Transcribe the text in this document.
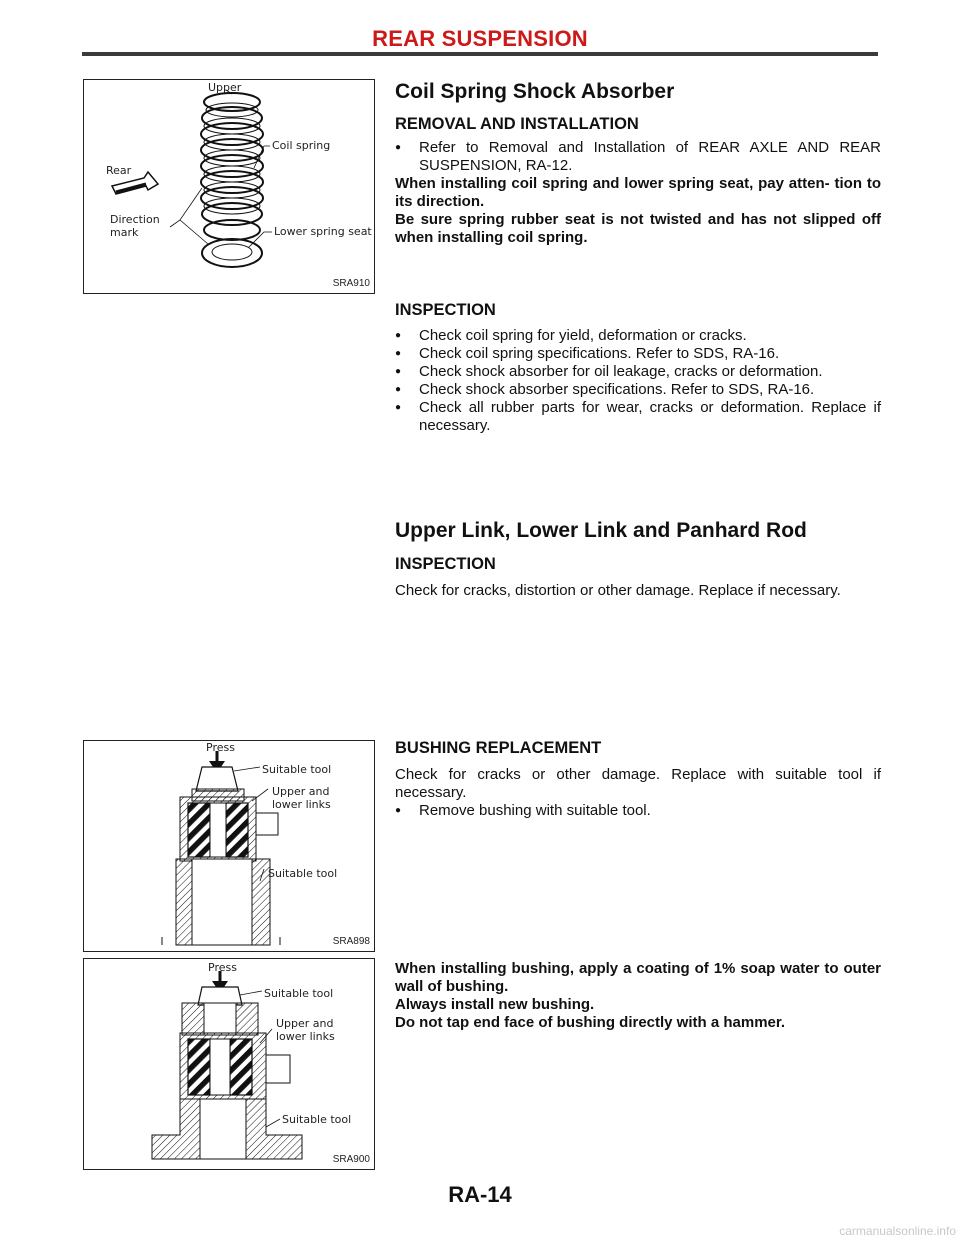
REAR SUSPENSION
Upper
Coil spring
Rear
Direction
mark	Lower spring seat
SRA910

Coil Spring Shock Absorber

REMOVAL AND INSTALLATION

● Refer to Removal and Installation of REAR AXLE AND REAR SUSPENSION, RA-12.

When installing coil spring and lower spring seat, pay atten- tion to its direction.

Be sure spring rubber seat is not twisted and has not slipped off when installing coil spring.

INSPECTION

● Check coil spring for yield, deformation or cracks.
● Check coil spring specifications. Refer to SDS, RA-16.
● Check shock absorber for oil leakage, cracks or deformation.
● Check shock absorber specifications. Refer to SDS, RA-16.
● Check all rubber parts for wear, cracks or deformation. Replace if necessary.

Upper Link, Lower Link and Panhard Rod

INSPECTION

Check for cracks, distortion or other damage. Replace if necessary.

Press
Suitable tool
Upper and
lower links
Suitable tool
SRA898

BUSHING REPLACEMENT

Check for cracks or other damage. Replace with suitable tool if necessary.

● Remove bushing with suitable tool.
Press
Suitable tool
Upper and
lower links
Suitable tool
SRA900

When installing bushing, apply a coating of 1% soap water to outer wall of bushing.

Always install new bushing.

Do not tap end face of bushing directly with a hammer.

RA-14
carmanualsonline.info
